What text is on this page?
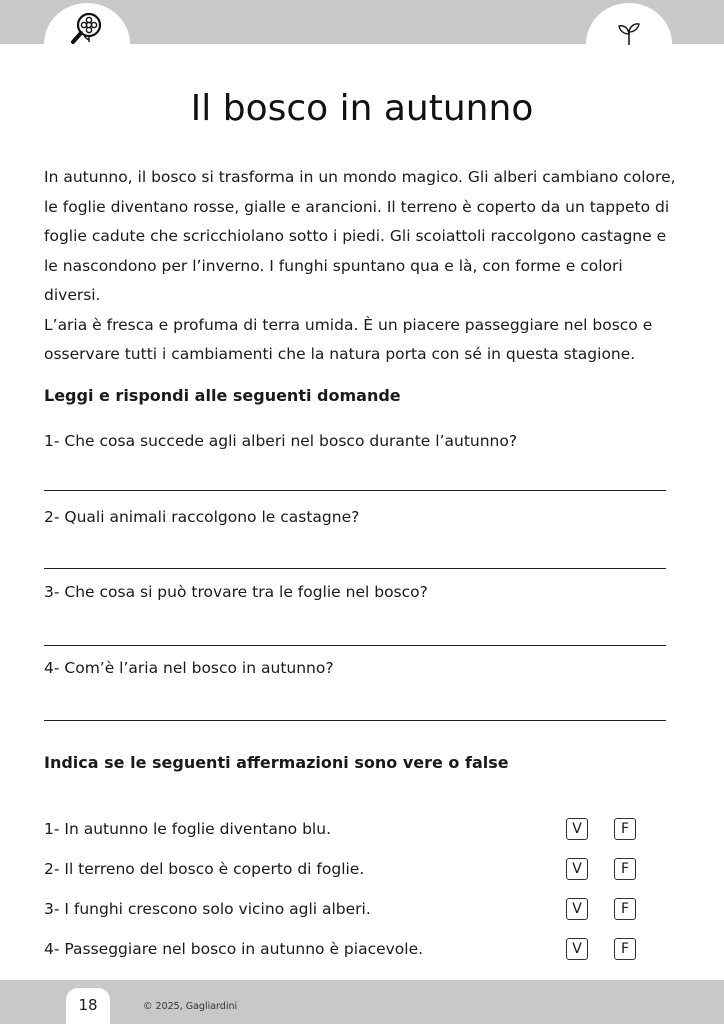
Il bosco in autunno

In autunno, il bosco si trasforma in un mondo magico. Gli alberi cambiano colore,
le foglie diventano rosse, gialle e arancioni. Il terreno è coperto da un tappeto di
foglie cadute che scricchiolano sotto i piedi. Gli scoiattoli raccolgono castagne e
le nascondono per l’inverno. I funghi spuntano qua e là, con forme e colori diversi.
L’aria è fresca e profuma di terra umida. È un piacere passeggiare nel bosco e
osservare tutti i cambiamenti che la natura porta con sé in questa stagione.

Leggi e rispondi alle seguenti domande

1- Che cosa succede agli alberi nel bosco durante l’autunno?

2- Quali animali raccolgono le castagne?

3- Che cosa si può trovare tra le foglie nel bosco?

4- Com’è l’aria nel bosco in autunno?

Indica se le seguenti affermazioni sono vere o false
1- In autunno le foglie diventano blu.	V	F
2- Il terreno del bosco è coperto di foglie.	V	F
3- I funghi crescono solo vicino agli alberi.	V	F
4- Passeggiare nel bosco in autunno è piacevole.	V	F
18	© 2025, Gagliardini
